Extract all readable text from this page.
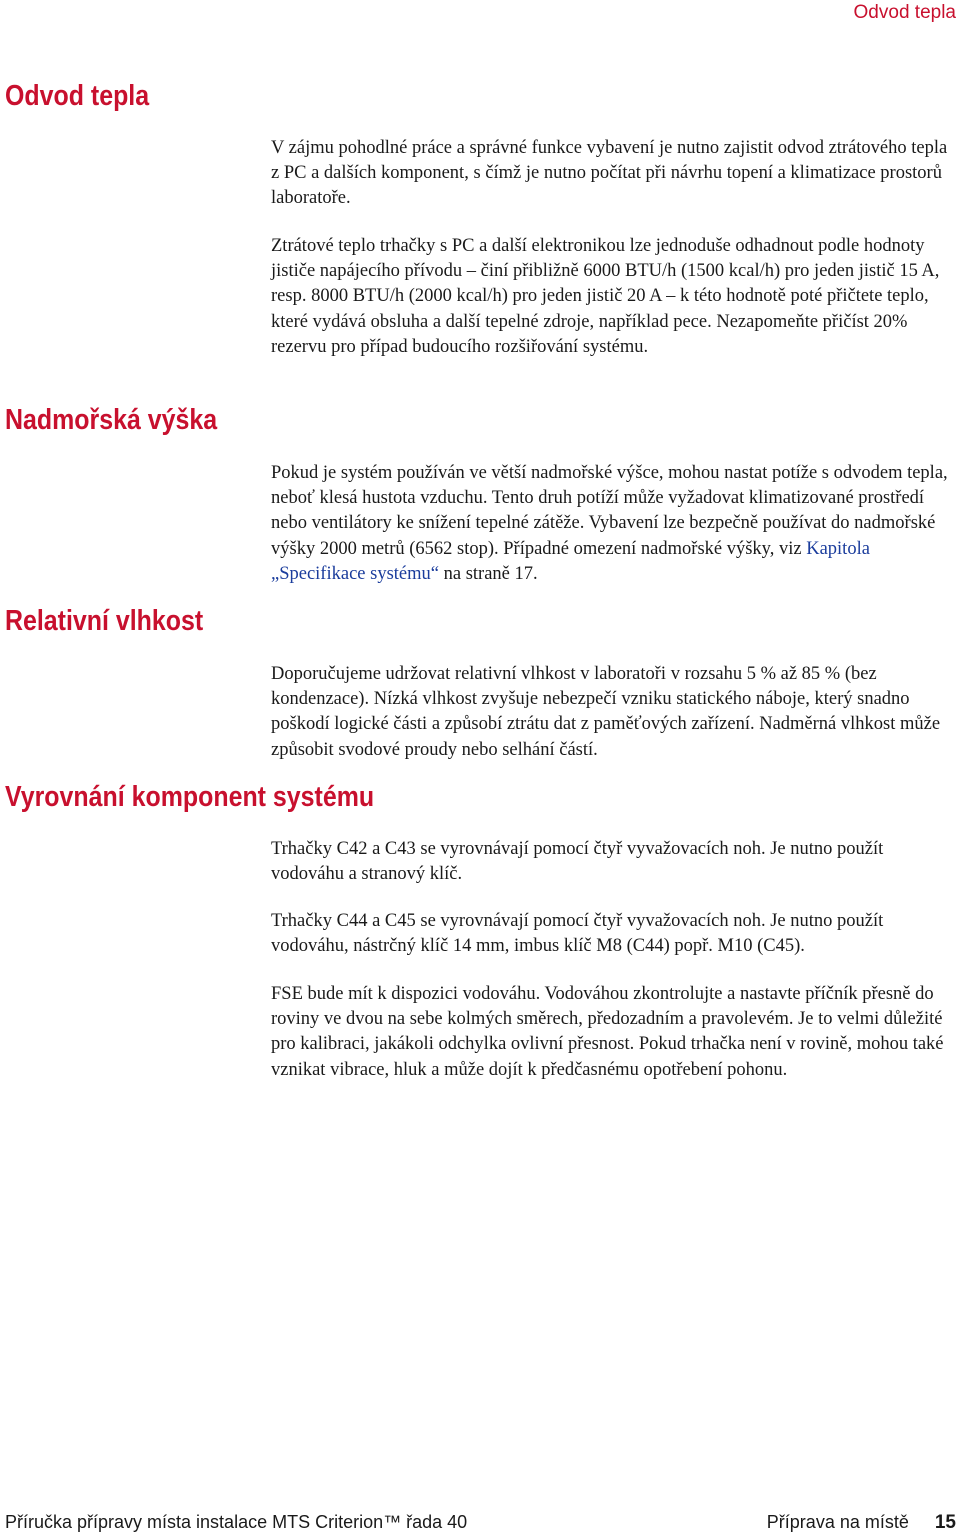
Odvod tepla
Odvod tepla

V zájmu pohodlné práce a správné funkce vybavení je nutno zajistit odvod ztrátového tepla z PC a dalších komponent, s čímž je nutno počítat při návrhu topení a klimatizace prostorů laboratoře.

Ztrátové teplo trhačky s PC a další elektronikou lze jednoduše odhadnout podle hodnoty jističe napájecího přívodu – činí přibližně 6000 BTU/h (1500 kcal/h) pro jeden jistič 15 A, resp. 8000 BTU/h (2000 kcal/h) pro jeden jistič 20 A – k této hodnotě poté přičtete teplo, které vydává obsluha a další tepelné zdroje, například pece. Nezapomeňte přičíst 20% rezervu pro případ budoucího rozšiřování systému.

Nadmořská výška

Pokud je systém používán ve větší nadmořské výšce, mohou nastat potíže s odvodem tepla, neboť klesá hustota vzduchu. Tento druh potíží může vyžadovat klimatizované prostředí nebo ventilátory ke snížení tepelné zátěže. Vybavení lze bezpečně používat do nadmořské výšky 2000 metrů (6562 stop). Případné omezení nadmořské výšky, viz Kapitola „Specifikace systému“ na straně 17.

Relativní vlhkost

Doporučujeme udržovat relativní vlhkost v laboratoři v rozsahu 5 % až 85 % (bez kondenzace). Nízká vlhkost zvyšuje nebezpečí vzniku statického náboje, který snadno poškodí logické části a způsobí ztrátu dat z paměťových zařízení. Nadměrná vlhkost může způsobit svodové proudy nebo selhání částí.

Vyrovnání komponent systému

Trhačky C42 a C43 se vyrovnávají pomocí čtyř vyvažovacích noh. Je nutno použít vodováhu a stranový klíč.

Trhačky C44 a C45 se vyrovnávají pomocí čtyř vyvažovacích noh. Je nutno použít vodováhu, nástrčný klíč 14 mm, imbus klíč M8 (C44) popř. M10 (C45).

FSE bude mít k dispozici vodováhu. Vodováhou zkontrolujte a nastavte příčník přesně do roviny ve dvou na sebe kolmých směrech, předozadním a pravolevém. Je to velmi důležité pro kalibraci, jakákoli odchylka ovlivní přesnost. Pokud trhačka není v rovině, mohou také vznikat vibrace, hluk a může dojít k předčasnému opotřebení pohonu.

Příručka přípravy místa instalace MTS Criterion™ řada 40	Příprava na místě 15
